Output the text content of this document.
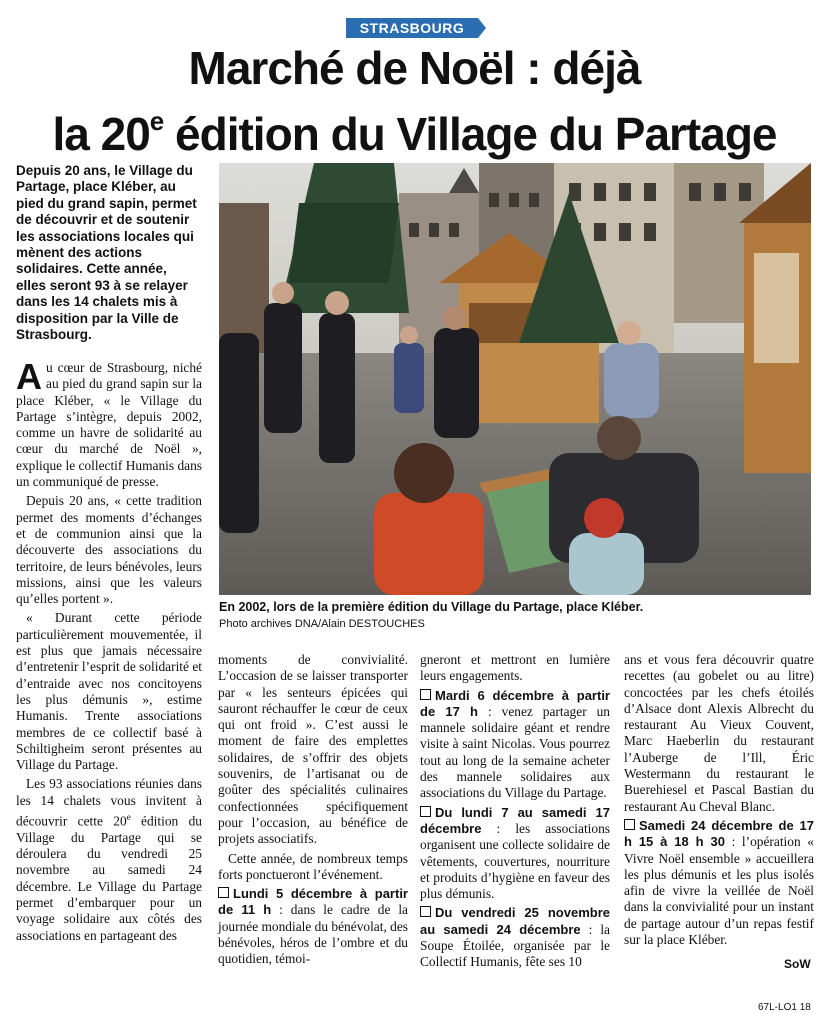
STRASBOURG
Marché de Noël : déjà
la 20e édition du Village du Partage
Depuis 20 ans, le Village du Partage, place Kléber, au pied du grand sapin, permet de découvrir et de soutenir les associations locales qui mènent des actions solidaires. Cette année, elles seront 93 à se relayer dans les 14 chalets mis à disposition par la Ville de Strasbourg.
En 2002, lors de la première édition du Village du Partage, place Kléber.
Photo archives DNA/Alain DESTOUCHES

Au cœur de Strasbourg, niché au pied du grand sapin sur la place Kléber, « le Village du Partage s’intègre, depuis 2002, comme un havre de solidarité au cœur du marché de Noël », explique le collectif Humanis dans un communiqué de presse.

Depuis 20 ans, « cette tradition permet des moments d’échanges et de communion ainsi que la découverte des associations du territoire, de leurs bénévoles, leurs missions, ainsi que les valeurs qu’elles portent ».

« Durant cette période particulièrement mouvementée, il est plus que jamais nécessaire d’entretenir l’esprit de solidarité et d’entraide avec nos concitoyens les plus démunis », estime Humanis. Trente associations membres de ce collectif basé à Schiltigheim seront présentes au Village du Partage.

Les 93 associations réunies dans les 14 chalets vous invitent à découvrir cette 20e édition du Village du Partage qui se déroulera du vendredi 25 novembre au samedi 24 décembre. Le Village du Partage permet d’embarquer pour un voyage solidaire aux côtés des associations en partageant des

moments de convivialité. L’occasion de se laisser transporter par « les senteurs épicées qui sauront réchauffer le cœur de ceux qui ont froid ». C’est aussi le moment de faire des emplettes solidaires, de s’offrir des objets souvenirs, de l’artisanat ou de goûter des spécialités culinaires confectionnées spécifiquement pour l’occasion, au bénéfice de projets associatifs.

Cette année, de nombreux temps forts ponctueront l’événement.

Lundi 5 décembre à partir de 11 h : dans le cadre de la journée mondiale du bénévolat, des bénévoles, héros de l’ombre et du quotidien, témoi-

gneront et mettront en lumière leurs engagements.

Mardi 6 décembre à partir de 17 h : venez partager un mannele solidaire géant et rendre visite à saint Nicolas. Vous pourrez tout au long de la semaine acheter des mannele solidaires aux associations du Village du Partage.

Du lundi 7 au samedi 17 décembre : les associations organisent une collecte solidaire de vêtements, couvertures, nourriture et produits d’hygiène en faveur des plus démunis.

Du vendredi 25 novembre au samedi 24 décembre : la Soupe Étoilée, organisée par le Collectif Humanis, fête ses 10

ans et vous fera découvrir quatre recettes (au gobelet ou au litre) concoctées par les chefs étoilés d’Alsace dont Alexis Albrecht du restaurant Au Vieux Couvent, Marc Haeberlin du restaurant l’Auberge de l’Ill, Éric Westermann du restaurant le Buerehiesel et Pascal Bastian du restaurant Au Cheval Blanc.

Samedi 24 décembre de 17 h 15 à 18 h 30 : l’opération « Vivre Noël ensemble » accueillera les plus démunis et les plus isolés afin de vivre la veillée de Noël dans la convivialité pour un instant de partage autour d’un repas festif sur la place Kléber.

SoW
67L-LO1 18
